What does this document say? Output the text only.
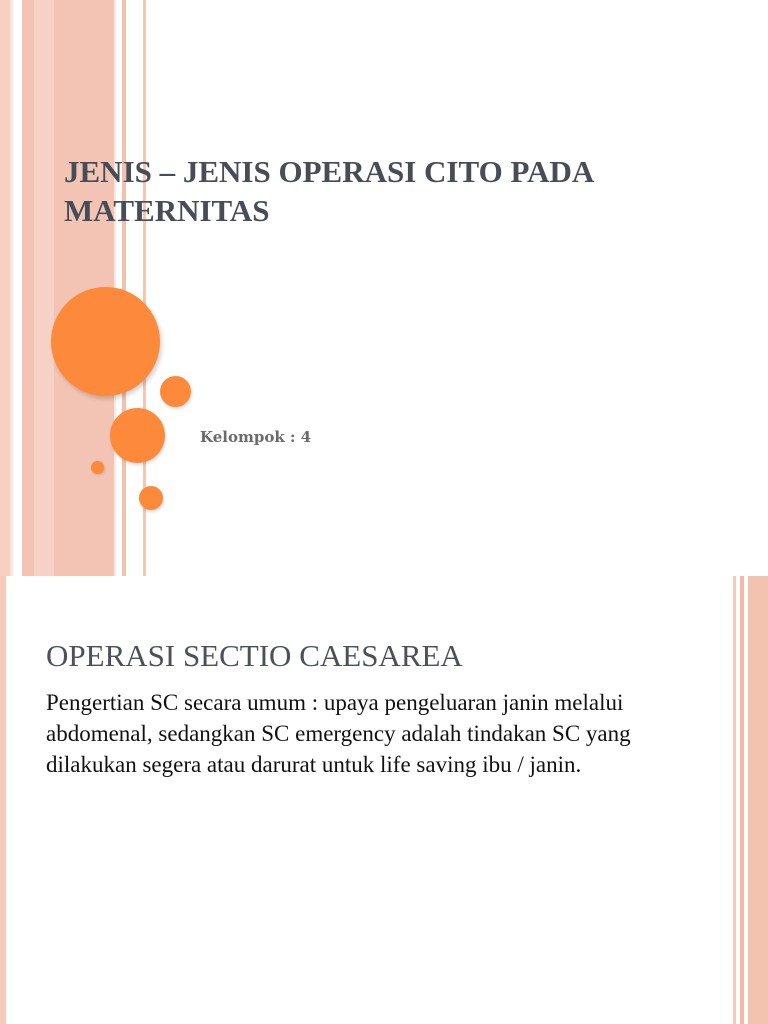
JENIS – JENIS OPERASI CITO PADA MATERNITAS

Kelompok : 4

OPERASI SECTIO CAESAREA

Pengertian SC secara umum : upaya pengeluaran janin melalui abdomenal, sedangkan SC emergency adalah tindakan SC yang dilakukan segera atau darurat untuk life saving ibu / janin.
